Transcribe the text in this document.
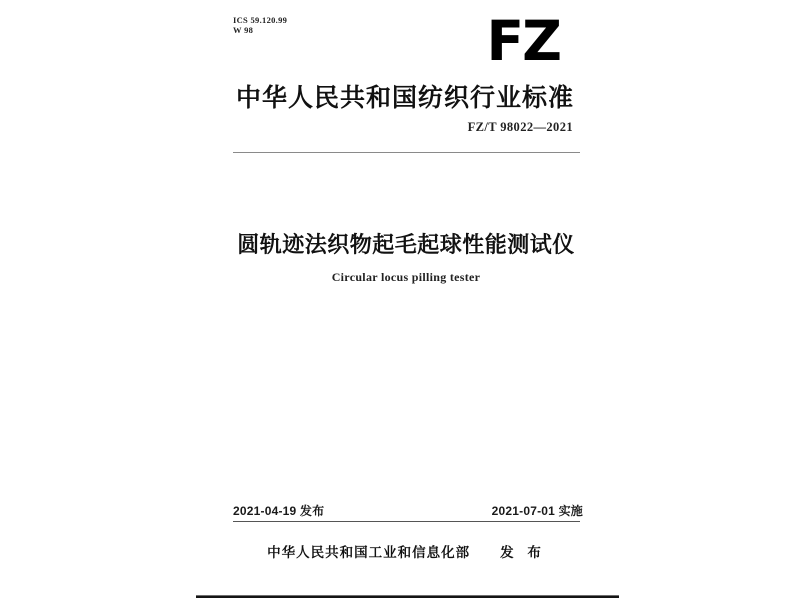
ICS 59.120.99
W 98	FZ
中华人民共和国纺织行业标准
FZ/T 98022—2021
圆轨迹法织物起毛起球性能测试仪
Circular locus pilling tester
2021-04-19 发布	2021-07-01 实施
中华人民共和国工业和信息化部 发 布
